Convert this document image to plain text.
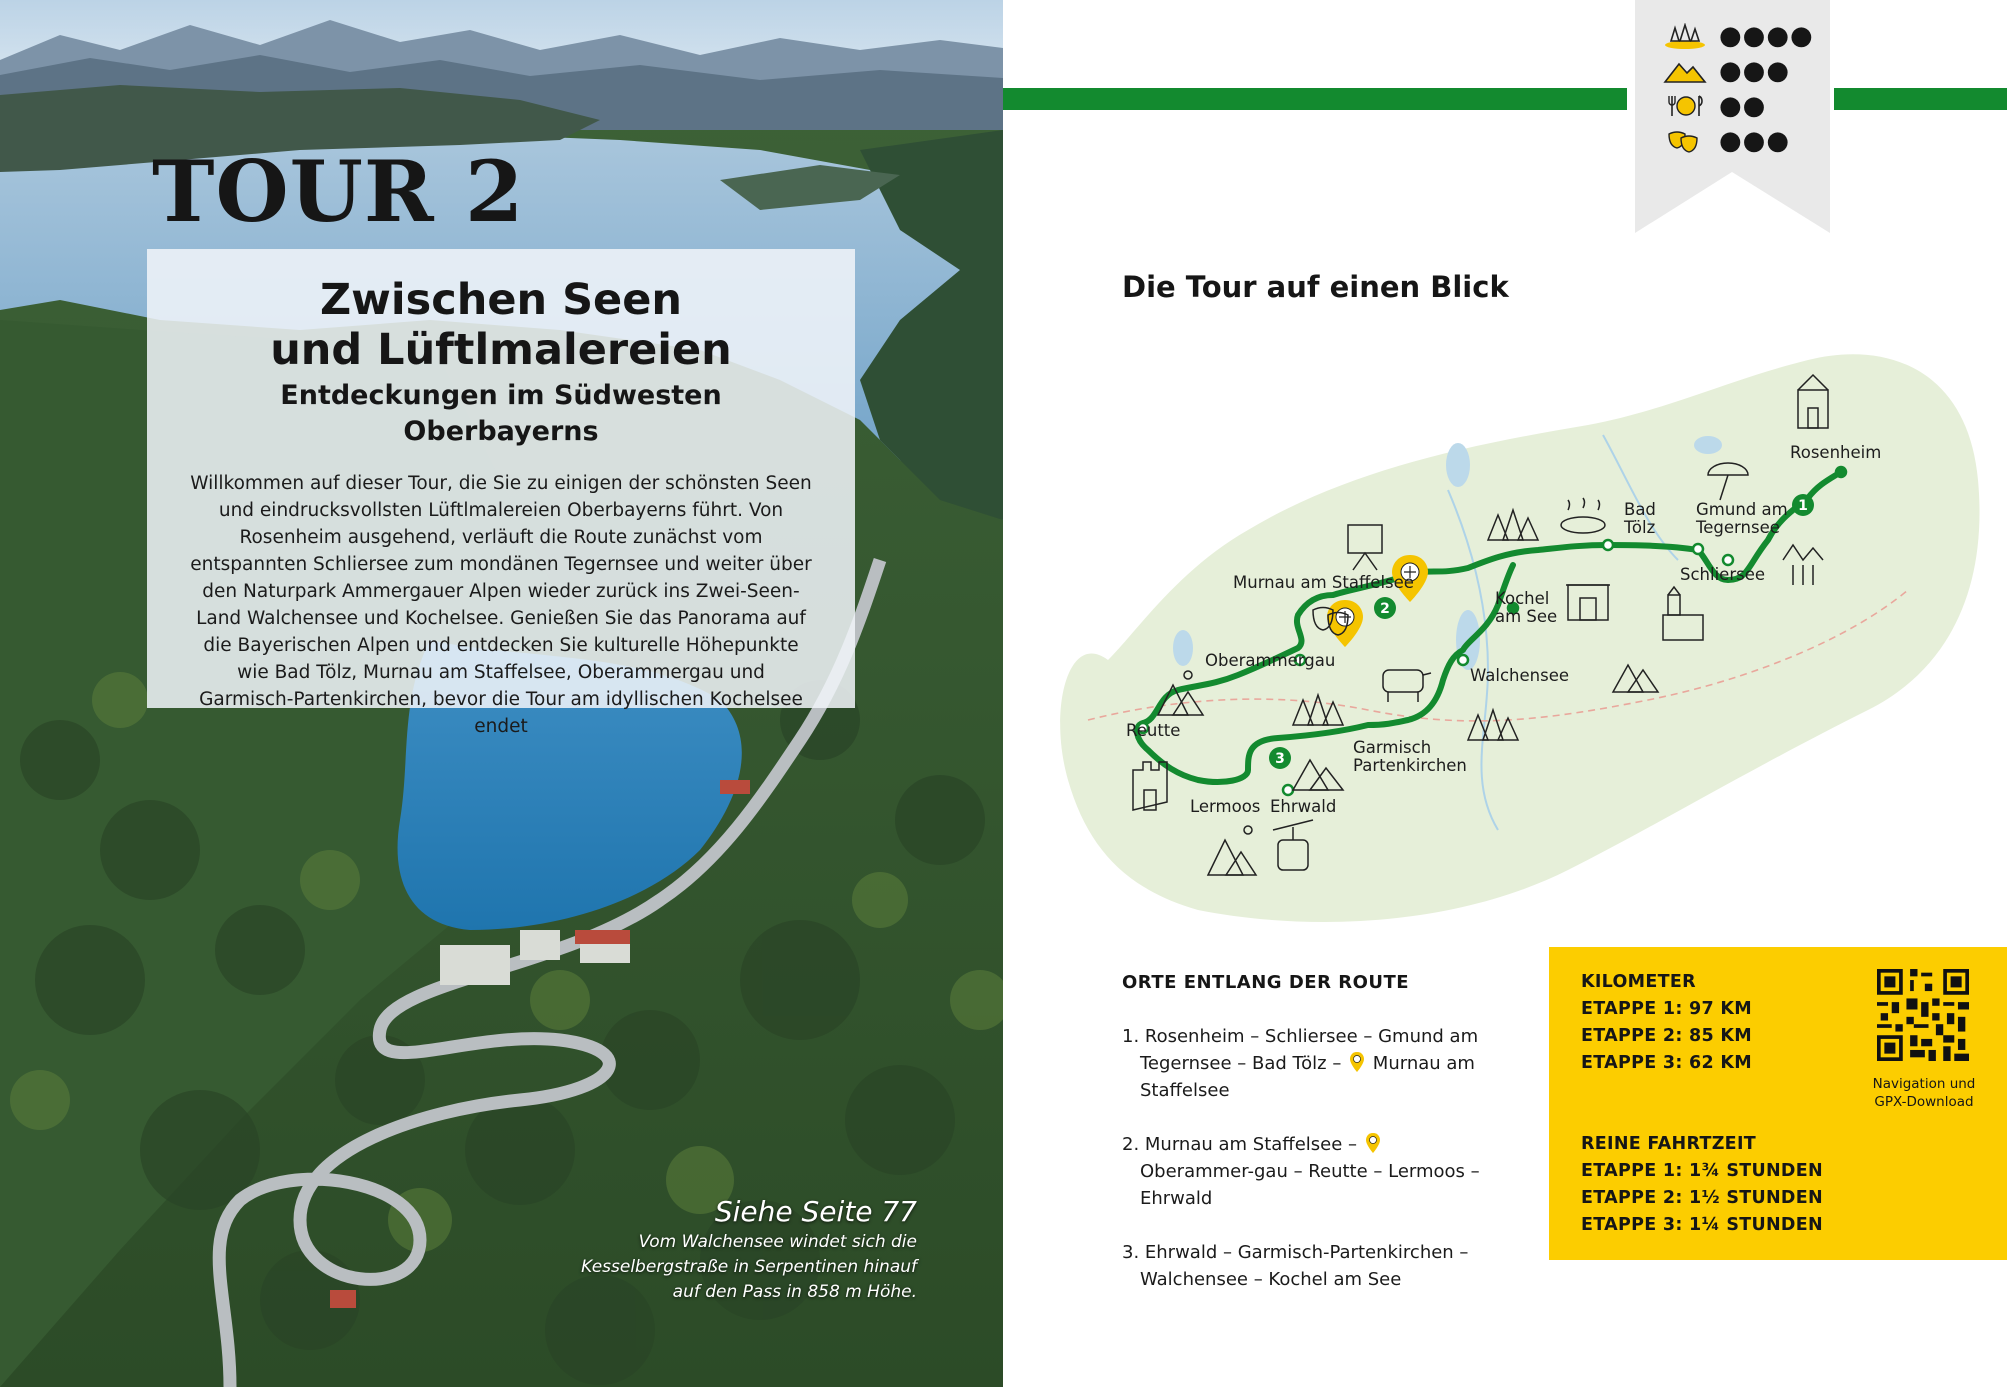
TOUR 2
Zwischen Seen
und Lüftlmalereien
Entdeckungen im Südwesten Oberbayerns

Willkommen auf dieser Tour, die Sie zu einigen der schönsten Seen und eindrucksvollsten Lüftlmalereien Oberbayerns führt. Von Rosenheim ausgehend, verläuft die Route zunächst vom entspannten Schliersee zum mondänen Tegernsee und weiter über den Naturpark Ammergauer Alpen wieder zurück ins Zwei-Seen-Land Walchensee und Kochelsee. Genießen Sie das Panorama auf die Bayerischen Alpen und entdecken Sie kulturelle Höhepunkte wie Bad Tölz, Murnau am Staffelsee, Oberammergau und Garmisch-Partenkirchen, bevor die Tour am idyllischen Kochelsee endet

Siehe Seite 77
Vom Walchensee windet sich die
Kesselbergstraße in Serpentinen hinauf
auf den Pass in 858 m Höhe.
●●●●
●●●
●●
●●●
Die Tour auf einen Blick
1
2
3
Rosenheim
Gmund am
Tegernsee
Bad
Tölz
Schliersee
Murnau am Staffelsee
Kochel
am See
Oberammergau
Walchensee
Reutte
Garmisch
Partenkirchen
Lermoos Ehrwald
ORTE ENTLANG DER ROUTE
1. Rosenheim – Schliersee – Gmund am Tegernsee – Bad Tölz – Murnau am Staffelsee
2. Murnau am Staffelsee –  Oberammer-gau – Reutte – Lermoos – Ehrwald
3. Ehrwald – Garmisch-Partenkirchen – Walchensee – Kochel am See
KILOMETER
ETAPPE 1: 97 KM
ETAPPE 2: 85 KM
ETAPPE 3: 62 KM
REINE FAHRTZEIT
ETAPPE 1: 1¾ STUNDEN
ETAPPE 2: 1½ STUNDEN
ETAPPE 3: 1¼ STUNDEN
Navigation und
GPX-Download
